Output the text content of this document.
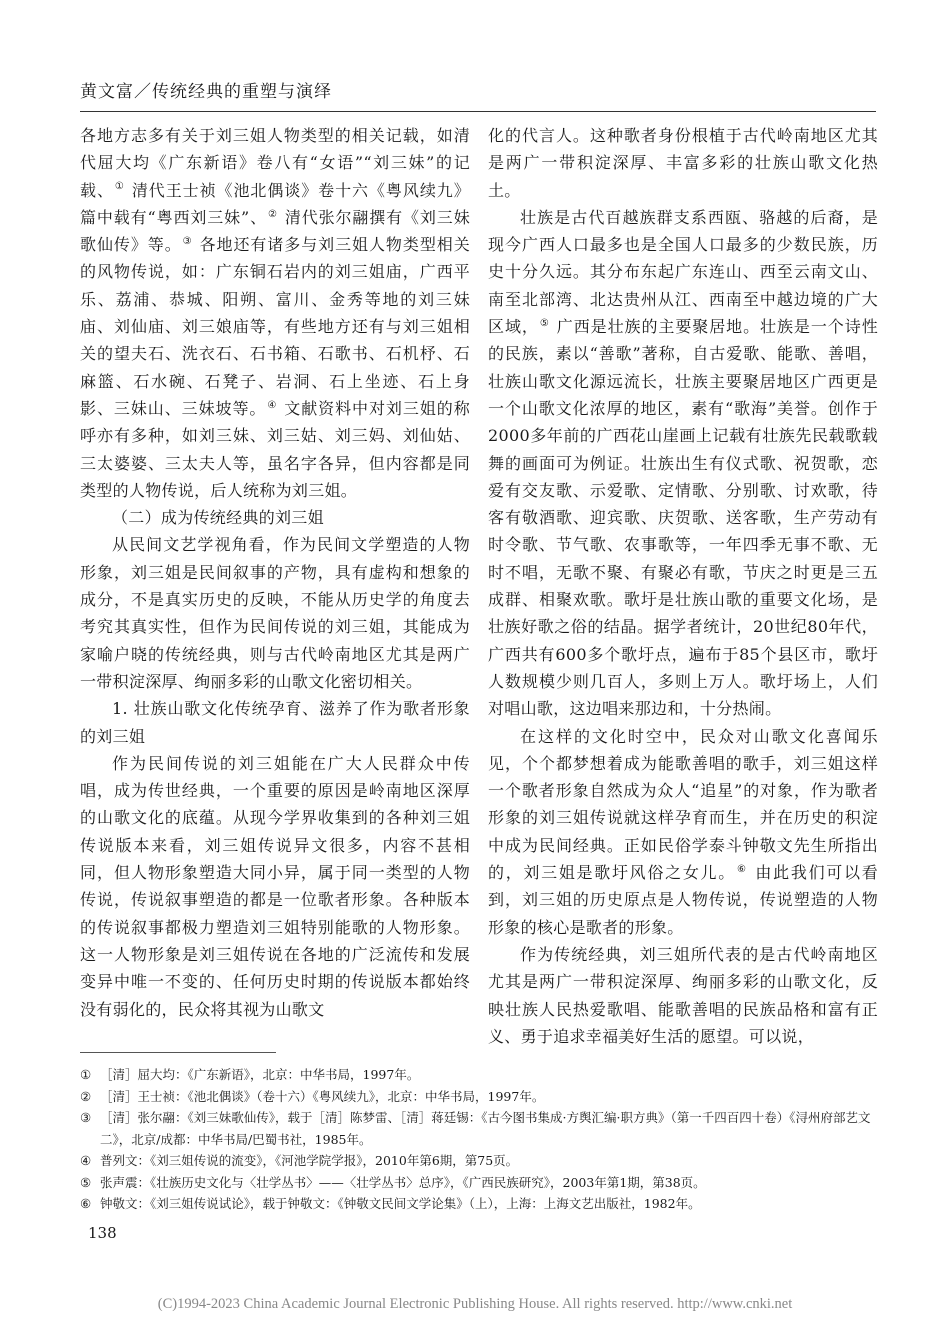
黄文富／传统经典的重塑与演绎

各地方志多有关于刘三姐人物类型的相关记载，如清代屈大均《广东新语》卷八有“女语”“刘三妹”的记载、① 清代王士祯《池北偶谈》卷十六《粤风续九》篇中载有“粤西刘三妹”、② 清代张尔翮撰有《刘三妹歌仙传》等。③ 各地还有诸多与刘三姐人物类型相关的风物传说，如：广东铜石岩内的刘三姐庙，广西平乐、荔浦、恭城、阳朔、富川、金秀等地的刘三妹庙、刘仙庙、刘三娘庙等，有些地方还有与刘三姐相关的望夫石、洗衣石、石书箱、石歌书、石机杼、石麻篮、石水碗、石凳子、岩洞、石上坐迹、石上身影、三妹山、三妹坡等。④ 文献资料中对刘三姐的称呼亦有多种，如刘三妹、刘三姑、刘三妈、刘仙姑、三太婆婆、三太夫人等，虽名字各异，但内容都是同类型的人物传说，后人统称为刘三姐。

（二）成为传统经典的刘三姐

从民间文艺学视角看，作为民间文学塑造的人物形象，刘三姐是民间叙事的产物，具有虚构和想象的成分，不是真实历史的反映，不能从历史学的角度去考究其真实性，但作为民间传说的刘三姐，其能成为家喻户晓的传统经典，则与古代岭南地区尤其是两广一带积淀深厚、绚丽多彩的山歌文化密切相关。

1. 壮族山歌文化传统孕育、滋养了作为歌者形象的刘三姐

作为民间传说的刘三姐能在广大人民群众中传唱，成为传世经典，一个重要的原因是岭南地区深厚的山歌文化的底蕴。从现今学界收集到的各种刘三姐传说版本来看，刘三姐传说异文很多，内容不甚相同，但人物形象塑造大同小异，属于同一类型的人物传说，传说叙事塑造的都是一位歌者形象。各种版本的传说叙事都极力塑造刘三姐特别能歌的人物形象。这一人物形象是刘三姐传说在各地的广泛流传和发展变异中唯一不变的、任何历史时期的传说版本都始终没有弱化的，民众将其视为山歌文

化的代言人。这种歌者身份根植于古代岭南地区尤其是两广一带积淀深厚、丰富多彩的壮族山歌文化热土。

壮族是古代百越族群支系西瓯、骆越的后裔，是现今广西人口最多也是全国人口最多的少数民族，历史十分久远。其分布东起广东连山、西至云南文山、南至北部湾、北达贵州从江、西南至中越边境的广大区域，⑤ 广西是壮族的主要聚居地。壮族是一个诗性的民族，素以“善歌”著称，自古爱歌、能歌、善唱，壮族山歌文化源远流长，壮族主要聚居地区广西更是一个山歌文化浓厚的地区，素有“歌海”美誉。创作于2000多年前的广西花山崖画上记载有壮族先民载歌载舞的画面可为例证。壮族出生有仪式歌、祝贺歌，恋爱有交友歌、示爱歌、定情歌、分别歌、讨欢歌，待客有敬酒歌、迎宾歌、庆贺歌、送客歌，生产劳动有时令歌、节气歌、农事歌等，一年四季无事不歌、无时不唱，无歌不聚、有聚必有歌，节庆之时更是三五成群、相聚欢歌。歌圩是壮族山歌的重要文化场，是壮族好歌之俗的结晶。据学者统计，20世纪80年代，广西共有600多个歌圩点，遍布于85个县区市，歌圩人数规模少则几百人，多则上万人。歌圩场上，人们对唱山歌，这边唱来那边和，十分热闹。

在这样的文化时空中，民众对山歌文化喜闻乐见，个个都梦想着成为能歌善唱的歌手，刘三姐这样一个歌者形象自然成为众人“追星”的对象，作为歌者形象的刘三姐传说就这样孕育而生，并在历史的积淀中成为民间经典。正如民俗学泰斗钟敬文先生所指出的，刘三姐是歌圩风俗之女儿。⑥ 由此我们可以看到，刘三姐的历史原点是人物传说，传说塑造的人物形象的核心是歌者的形象。

作为传统经典，刘三姐所代表的是古代岭南地区尤其是两广一带积淀深厚、绚丽多彩的山歌文化，反映壮族人民热爱歌唱、能歌善唱的民族品格和富有正义、勇于追求幸福美好生活的愿望。可以说，

① ［清］屈大均：《广东新语》，北京：中华书局，1997年。
② ［清］王士祯：《池北偶谈》（卷十六）《粤风续九》，北京：中华书局，1997年。
③ ［清］张尔翮：《刘三妹歌仙传》，载于［清］陈梦雷、［清］蒋廷锡：《古今图书集成·方舆汇编·职方典》（第一千四百四十卷）《浔州府部艺文二》，北京/成都：中华书局/巴蜀书社，1985年。
④ 普列文：《刘三姐传说的流变》，《河池学院学报》，2010年第6期，第75页。
⑤ 张声震：《壮族历史文化与〈壮学丛书〉——〈壮学丛书〉总序》，《广西民族研究》，2003年第1期，第38页。
⑥ 钟敬文：《刘三姐传说试论》，载于钟敬文：《钟敬文民间文学论集》（上），上海：上海文艺出版社，1982年。
138
(C)1994-2023 China Academic Journal Electronic Publishing House. All rights reserved. http://www.cnki.net
